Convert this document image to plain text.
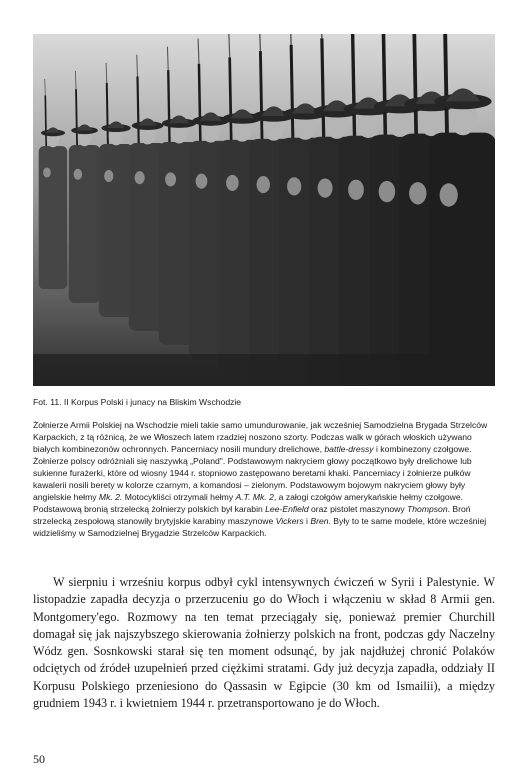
Fot. 11. II Korpus Polski i junacy na Bliskim Wschodzie

Żołnierze Armii Polskiej na Wschodzie mieli takie samo umundurowanie, jak wcześniej Samodzielna Brygada Strzelców Karpackich, z tą różnicą, że we Włoszech latem rzadziej noszono szorty. Podczas walk w górach włoskich używano białych kombinezonów ochronnych. Pancerniacy nosili mundury drelichowe, battle-dressy i kombinezony czołgowe. Żołnierze polscy odróżniali się naszywką „Poland". Podstawowym nakryciem głowy początkowo były drelichowe lub sukienne furażerki, które od wiosny 1944 r. stopniowo zastępowano beretami khaki. Pancerniacy i żołnierze pułków kawalerii nosili berety w kolorze czarnym, a komandosi – zielonym. Podstawowym bojowym nakryciem głowy były angielskie hełmy Mk. 2. Motocykliści otrzymali hełmy A.T. Mk. 2, a załogi czołgów amerykańskie hełmy czołgowe.

Podstawową bronią strzelecką żołnierzy polskich był karabin Lee-Enfield oraz pistolet maszynowy Thompson. Broń strzelecką zespołową stanowiły brytyjskie karabiny maszynowe Vickers i Bren. Były to te same modele, które wcześniej widzieliśmy w Samodzielnej Brygadzie Strzelców Karpackich.

W sierpniu i wrześniu korpus odbył cykl intensywnych ćwiczeń w Syrii i Palestynie. W listopadzie zapadła decyzja o przerzuceniu go do Włoch i włączeniu w skład 8 Armii gen. Montgomery'ego. Rozmowy na ten temat przeciągały się, ponieważ premier Churchill domagał się jak najszybszego skierowania żołnierzy polskich na front, podczas gdy Naczelny Wódz gen. Sosnkowski starał się ten moment odsunąć, by jak najdłużej chronić Polaków odciętych od źródeł uzupełnień przed ciężkimi stratami. Gdy już decyzja zapadła, oddziały II Korpusu Polskiego przeniesiono do Qassasin w Egipcie (30 km od Ismailii), a między grudniem 1943 r. i kwietniem 1944 r. przetransportowano je do Włoch.

50
